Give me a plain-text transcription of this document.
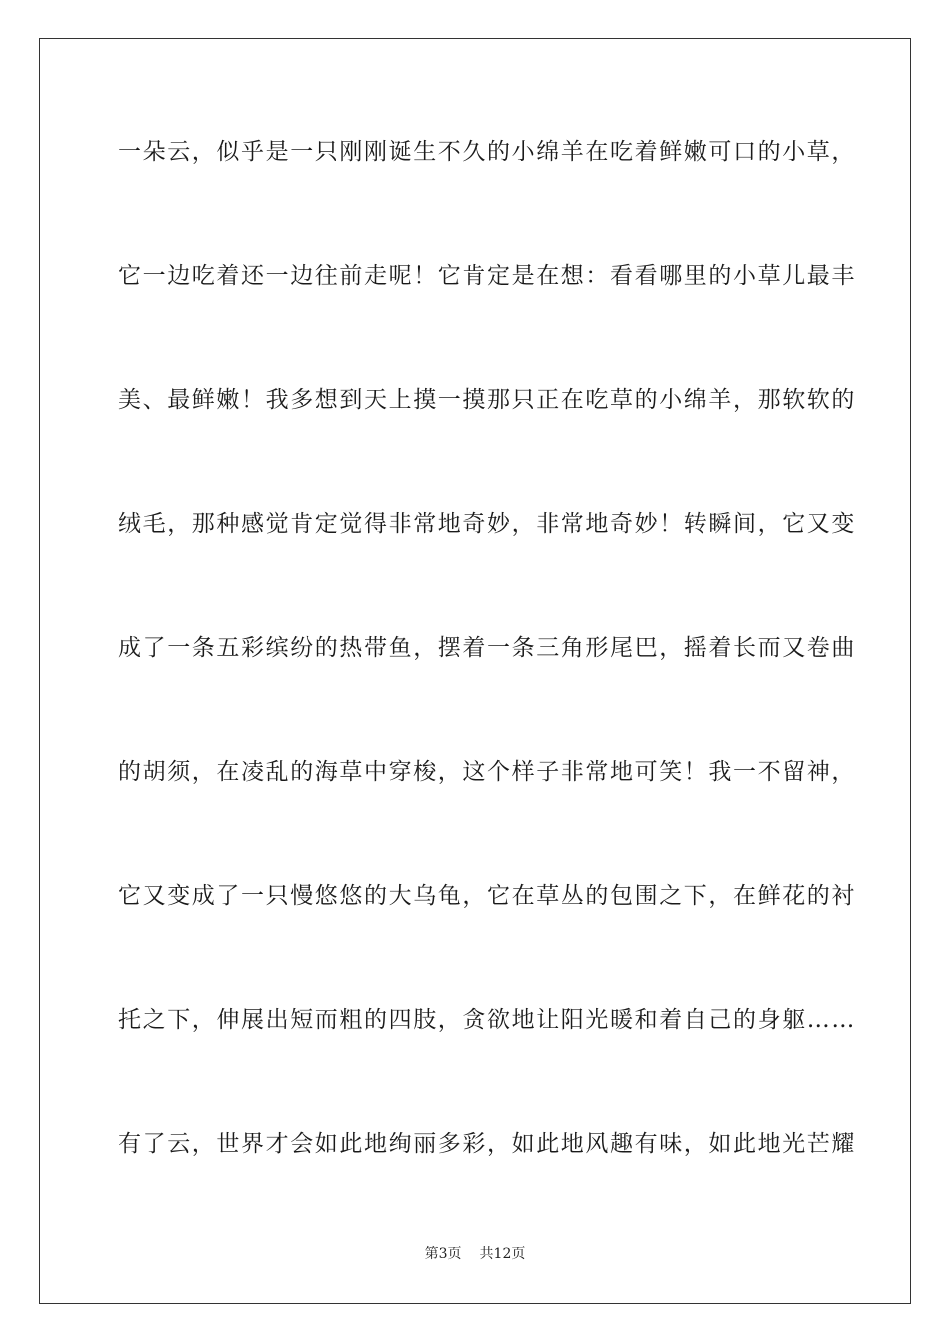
一朵云，似乎是一只刚刚诞生不久的小绵羊在吃着鲜嫩可口的小草，
它一边吃着还一边往前走呢！它肯定是在想：看看哪里的小草儿最丰
美、最鲜嫩！我多想到天上摸一摸那只正在吃草的小绵羊，那软软的
绒毛，那种感觉肯定觉得非常地奇妙，非常地奇妙！转瞬间，它又变
成了一条五彩缤纷的热带鱼，摆着一条三角形尾巴，摇着长而又卷曲
的胡须，在凌乱的海草中穿梭，这个样子非常地可笑！我一不留神，
它又变成了一只慢悠悠的大乌龟，它在草丛的包围之下，在鲜花的衬
托之下，伸展出短而粗的四肢，贪欲地让阳光暖和着自己的身躯……
有了云，世界才会如此地绚丽多彩，如此地风趣有味，如此地光芒耀
第3页 共12页
